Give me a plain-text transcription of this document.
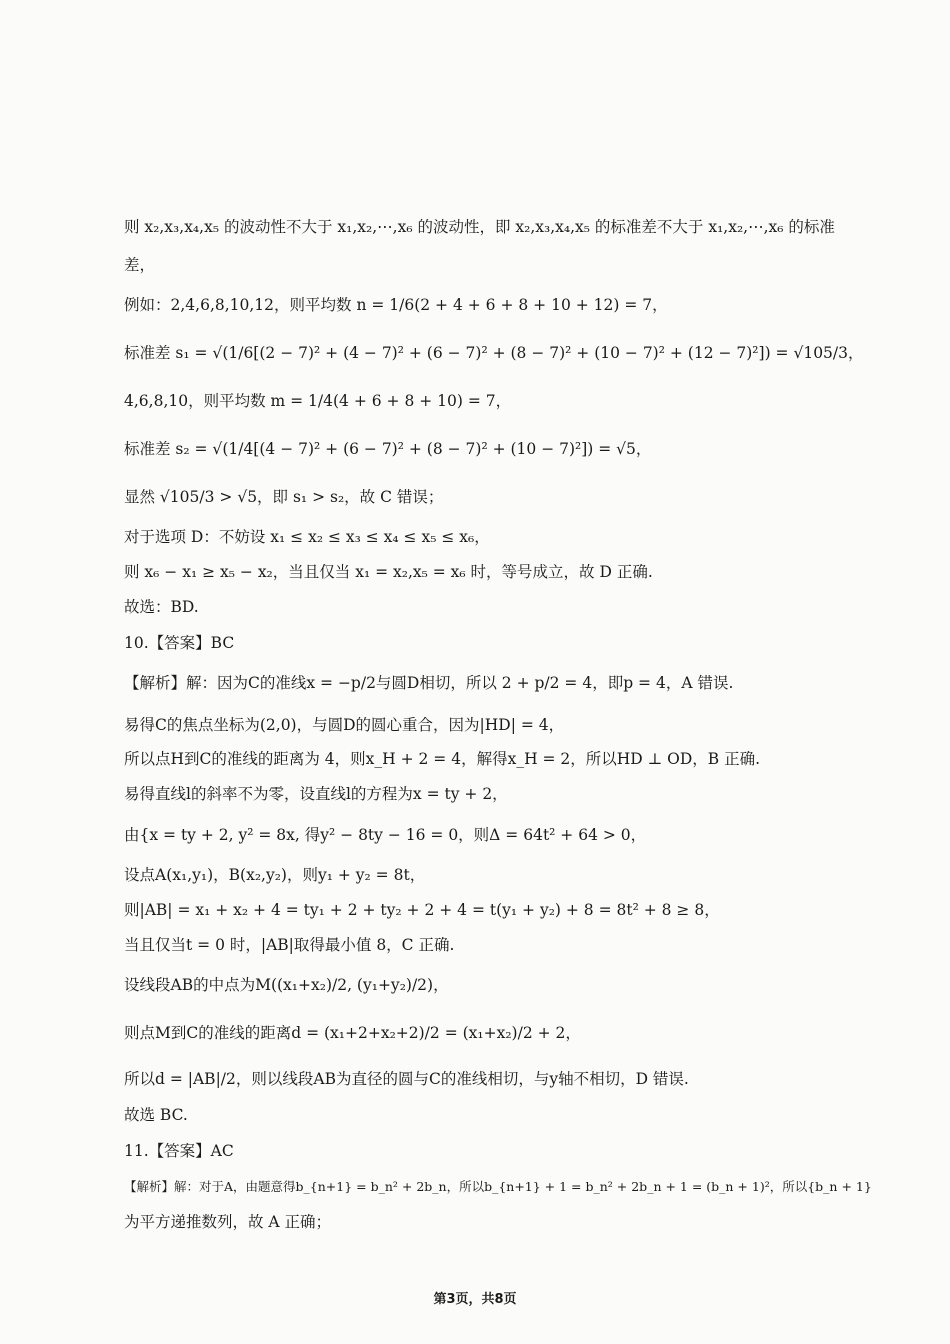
则 x₂,x₃,x₄,x₅ 的波动性不大于 x₁,x₂,⋯,x₆ 的波动性，即 x₂,x₃,x₄,x₅ 的标准差不大于 x₁,x₂,⋯,x₆ 的标准
差，
例如：2,4,6,8,10,12，则平均数 n = 1/6(2 + 4 + 6 + 8 + 10 + 12) = 7，
标准差 s₁ = √(1/6[(2 − 7)² + (4 − 7)² + (6 − 7)² + (8 − 7)² + (10 − 7)² + (12 − 7)²]) = √105/3，
4,6,8,10，则平均数 m = 1/4(4 + 6 + 8 + 10) = 7，
标准差 s₂ = √(1/4[(4 − 7)² + (6 − 7)² + (8 − 7)² + (10 − 7)²]) = √5，
显然 √105/3 > √5，即 s₁ > s₂，故 C 错误；
对于选项 D：不妨设 x₁ ≤ x₂ ≤ x₃ ≤ x₄ ≤ x₅ ≤ x₆，
则 x₆ − x₁ ≥ x₅ − x₂，当且仅当 x₁ = x₂,x₅ = x₆ 时，等号成立，故 D 正确.
故选：BD.
10.【答案】BC
【解析】解：因为C的准线x = −p/2与圆D相切，所以 2 + p/2 = 4，即p = 4，A 错误.
易得C的焦点坐标为(2,0)，与圆D的圆心重合，因为|HD| = 4，
所以点H到C的准线的距离为 4，则x_H + 2 = 4，解得x_H = 2，所以HD ⊥ OD，B 正确.
易得直线l的斜率不为零，设直线l的方程为x = ty + 2，
由{x = ty + 2, y² = 8x, 得y² − 8ty − 16 = 0，则Δ = 64t² + 64 > 0，
设点A(x₁,y₁)，B(x₂,y₂)，则y₁ + y₂ = 8t，
则|AB| = x₁ + x₂ + 4 = ty₁ + 2 + ty₂ + 2 + 4 = t(y₁ + y₂) + 8 = 8t² + 8 ≥ 8，
当且仅当t = 0 时，|AB|取得最小值 8，C 正确.
设线段AB的中点为M((x₁+x₂)/2, (y₁+y₂)/2)，
则点M到C的准线的距离d = (x₁+2+x₂+2)/2 = (x₁+x₂)/2 + 2，
所以d = |AB|/2，则以线段AB为直径的圆与C的准线相切，与y轴不相切，D 错误.
故选 BC.
11.【答案】AC
【解析】解：对于A，由题意得b_{n+1} = b_n² + 2b_n，所以b_{n+1} + 1 = b_n² + 2b_n + 1 = (b_n + 1)²，所以{b_n + 1}
为平方递推数列，故 A 正确；
第3页，共8页
